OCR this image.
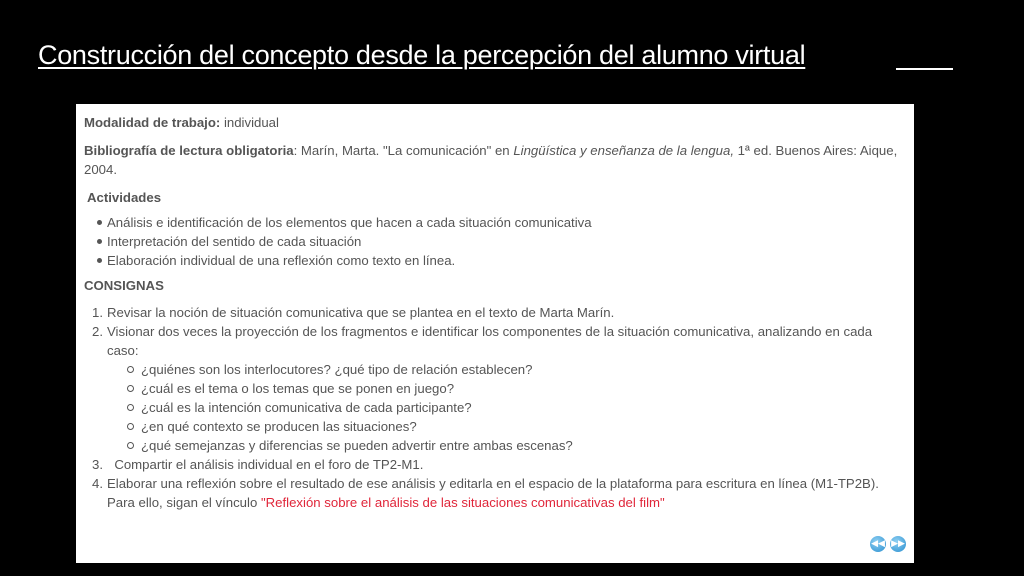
Construcción del concepto desde la percepción del alumno virtual

Modalidad de trabajo: individual

Bibliografía de lectura obligatoria: Marín, Marta. "La comunicación" en Lingüística y enseñanza de la lengua, 1ª ed. Buenos Aires: Aique, 2004.

Actividades

Análisis e identificación de los elementos que hacen a cada situación comunicativa
Interpretación del sentido de cada situación
Elaboración individual de una reflexión como texto en línea.

CONSIGNAS

1. Revisar la noción de situación comunicativa que se plantea en el texto de Marta Marín.
2. Visionar dos veces la proyección de los fragmentos e identificar los componentes de la situación comunicativa, analizando en cada caso:
¿quiénes son los interlocutores? ¿qué tipo de relación establecen?
¿cuál es el tema o los temas que se ponen en juego?
¿cuál es la intención comunicativa de cada participante?
¿en qué contexto se producen las situaciones?
¿qué semejanzas y diferencias se pueden advertir entre ambas escenas?
3. Compartir el análisis individual en el foro de TP2-M1.
4. Elaborar una reflexión sobre el resultado de ese análisis y editarla en el espacio de la plataforma para escritura en línea (M1-TP2B). Para ello, sigan el vínculo "Reflexión sobre el análisis de las situaciones comunicativas del film"
◀◀ ▶▶
